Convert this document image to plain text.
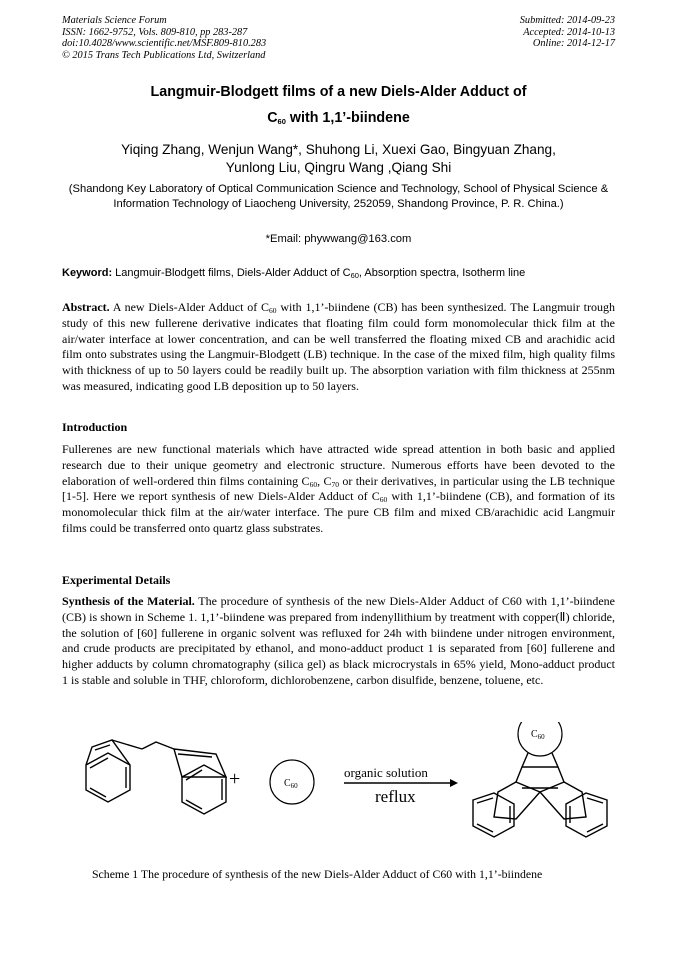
Materials Science Forum
ISSN: 1662-9752, Vols. 809-810, pp 283-287
doi:10.4028/www.scientific.net/MSF.809-810.283
© 2015 Trans Tech Publications Ltd, Switzerland
Submitted: 2014-09-23
Accepted: 2014-10-13
Online: 2014-12-17
Langmuir-Blodgett films of a new Diels-Alder Adduct of
$C_{60}$ with 1,1’-biindene
Yiqing Zhang, Wenjun Wang*, Shuhong Li, Xuexi Gao, Bingyuan Zhang,
Yunlong Liu, Qingru Wang ,Qiang Shi
(Shandong Key Laboratory of Optical Communication Science and Technology, School of Physical Science & Information Technology of Liaocheng University, 252059, Shandong Province, P. R. China.)
*Email: phywwang@163.com
Keyword: Langmuir-Blodgett films, Diels-Alder Adduct of $C_{60}$, Absorption spectra, Isotherm line
Abstract. A new Diels-Alder Adduct of $C_{60}$ with 1,1’-biindene (CB) has been synthesized. The Langmuir trough study of this new fullerene derivative indicates that floating film could form monomolecular thick film at the air/water interface at lower concentration, and can be well transferred the floating mixed CB and arachidic acid film onto substrates using the Langmuir-Blodgett (LB) technique. In the case of the mixed film, high quality films with thickness of up to 50 layers could be readily built up. The absorption variation with film thickness at 255nm was measured, indicating good LB deposition up to 50 layers.
Introduction
Fullerenes are new functional materials which have attracted wide spread attention in both basic and applied research due to their unique geometry and electronic structure. Numerous efforts have been devoted to the elaboration of well-ordered thin films containing $C_{60}$, $C_{70}$ or their derivatives, in particular using the LB technique [1-5]. Here we report synthesis of new Diels-Alder Adduct of $C_{60}$ with 1,1’-biindene (CB), and formation of its monomolecular thick film at the air/water interface. The pure CB film and mixed CB/arachidic acid Langmuir films could be transferred onto quartz glass substrates.
Experimental Details
Synthesis of the Material. The procedure of synthesis of the new Diels-Alder Adduct of C60 with 1,1’-biindene (CB) is shown in Scheme 1. 1,1’-biindene was prepared from indenyllithium by treatment with copper(Ⅱ) chloride, the solution of [60] fullerene in organic solvent was refluxed for 24h with biindene under nitrogen environment, and crude products are precipitated by ethanol, and mono-adduct product 1 is separated from [60] fullerene and higher adducts by column chromatography (silica gel) as black microcrystals in 65% yield, Mono-adduct product 1 is stable and soluble in THF, chloroform, dichlorobenzene, carbon disulfide, benzene, toluene, etc.
+	$C_{60}$
organic solution
reflux
$C_{60}$
Scheme 1 The procedure of synthesis of the new Diels-Alder Adduct of C60 with 1,1’-biindene
